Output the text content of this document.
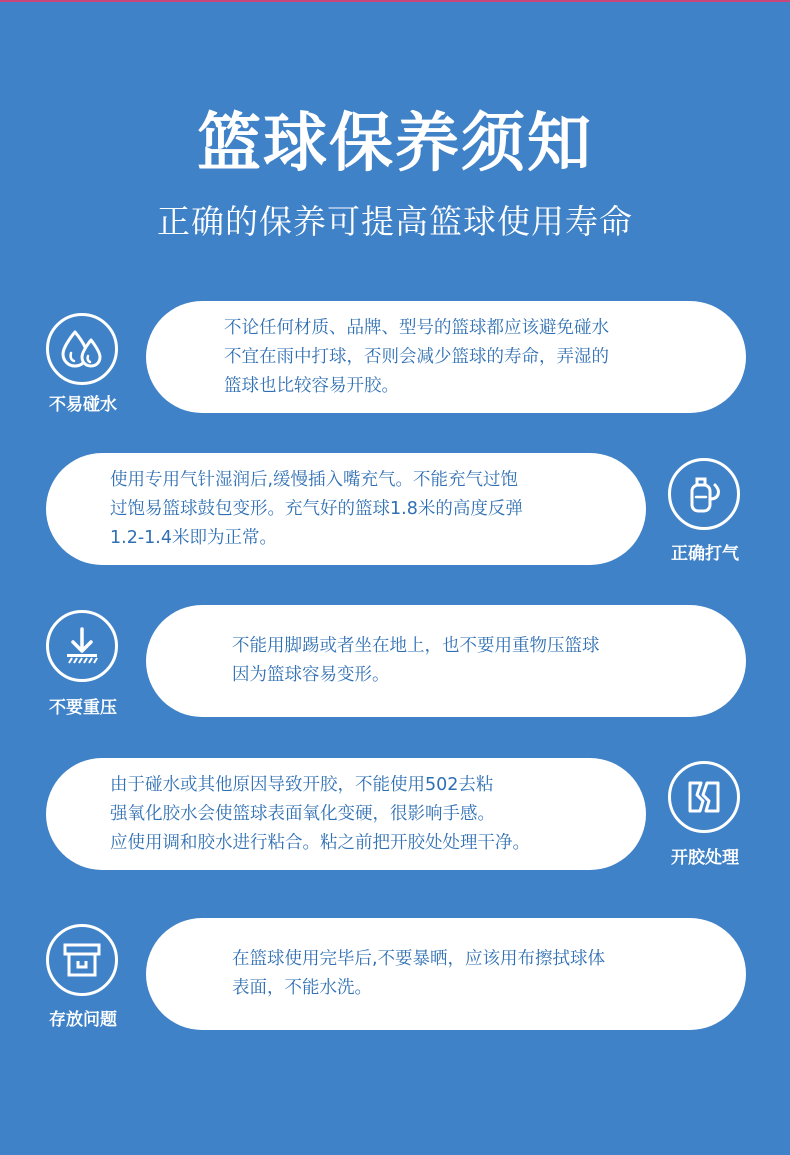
篮球保养须知
正确的保养可提高篮球使用寿命
不易碰水
不论任何材质、品牌、型号的篮球都应该避免碰水
不宜在雨中打球，否则会减少篮球的寿命，弄湿的
篮球也比较容易开胶。
使用专用气针湿润后,缓慢插入嘴充气。不能充气过饱
过饱易篮球鼓包变形。充气好的篮球1.8米的高度反弹
1.2-1.4米即为正常。
正确打气
不要重压
不能用脚踢或者坐在地上，也不要用重物压篮球
因为篮球容易变形。
由于碰水或其他原因导致开胶，不能使用502去粘
强氧化胶水会使篮球表面氧化变硬，很影响手感。
应使用调和胶水进行粘合。粘之前把开胶处处理干净。
开胶处理
存放问题
在篮球使用完毕后,不要暴晒，应该用布擦拭球体
表面，不能水洗。
